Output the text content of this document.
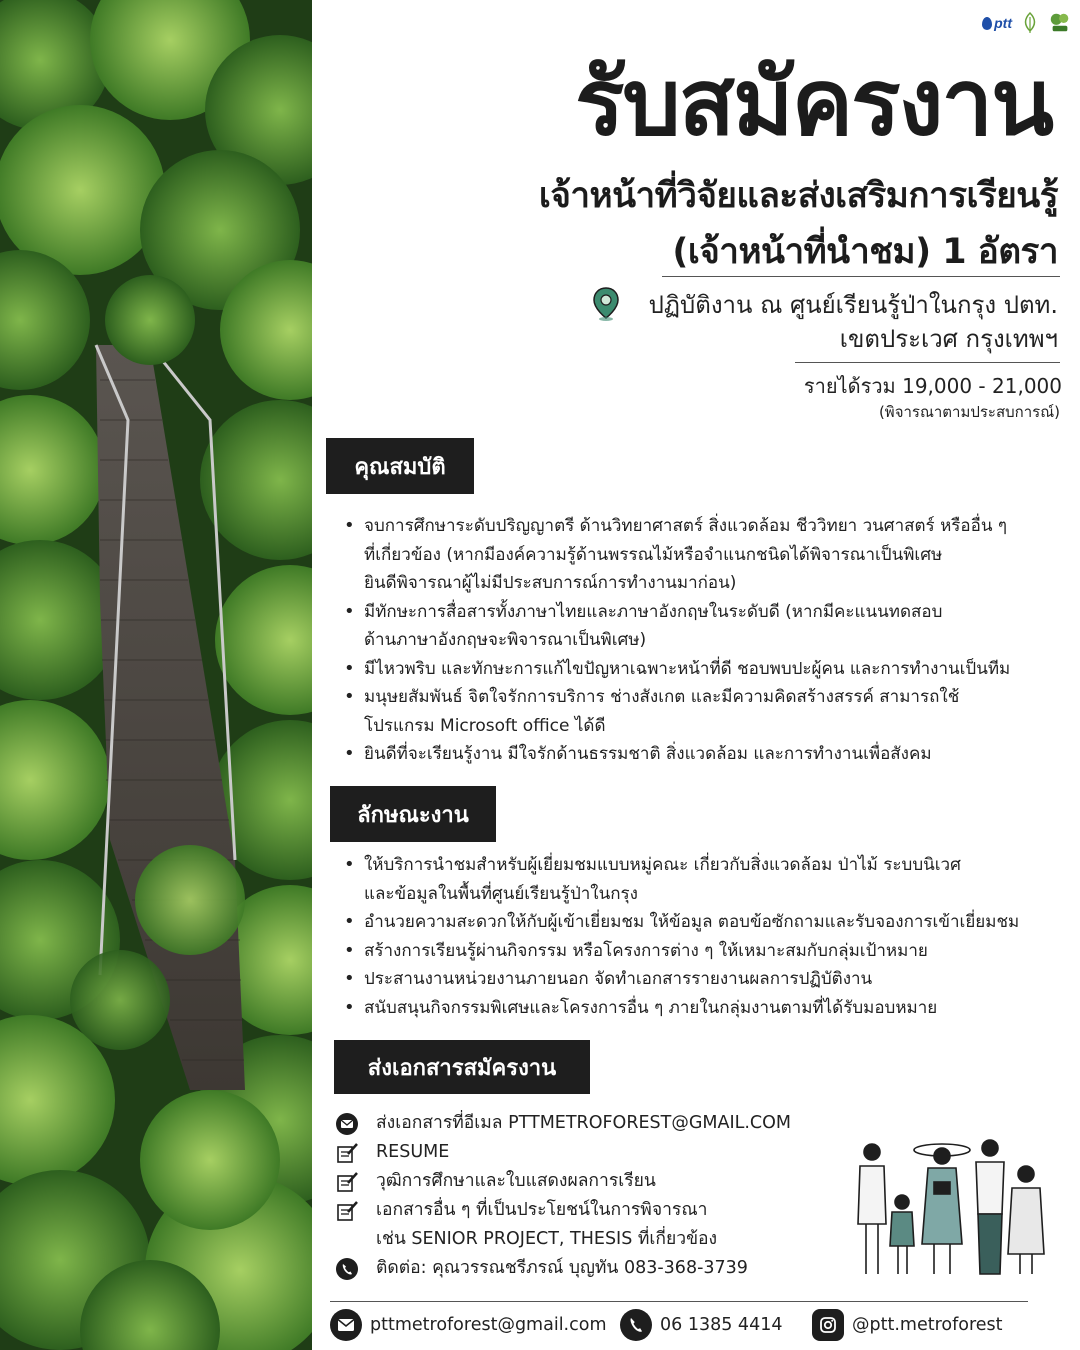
ptt
รับสมัครงาน
เจ้าหน้าที่วิจัยและส่งเสริมการเรียนรู้
(เจ้าหน้าที่นำชม) 1 อัตรา
ปฏิบัติงาน ณ ศูนย์เรียนรู้ป่าในกรุง ปตท.
เขตประเวศ กรุงเทพฯ
รายได้รวม 19,000 - 21,000
(พิจารณาตามประสบการณ์)
คุณสมบัติ
• จบการศึกษาระดับปริญญาตรี ด้านวิทยาศาสตร์ สิ่งแวดล้อม ชีววิทยา วนศาสตร์ หรืออื่น ๆ
ที่เกี่ยวข้อง (หากมีองค์ความรู้ด้านพรรณไม้หรือจำแนกชนิดได้พิจารณาเป็นพิเศษ
ยินดีพิจารณาผู้ไม่มีประสบการณ์การทำงานมาก่อน)
• มีทักษะการสื่อสารทั้งภาษาไทยและภาษาอังกฤษในระดับดี (หากมีคะแนนทดสอบ
ด้านภาษาอังกฤษจะพิจารณาเป็นพิเศษ)
• มีไหวพริบ และทักษะการแก้ไขปัญหาเฉพาะหน้าที่ดี ชอบพบปะผู้คน และการทำงานเป็นทีม
• มนุษยสัมพันธ์ จิตใจรักการบริการ ช่างสังเกต และมีความคิดสร้างสรรค์ สามารถใช้
โปรแกรม Microsoft office ได้ดี
• ยินดีที่จะเรียนรู้งาน มีใจรักด้านธรรมชาติ สิ่งแวดล้อม และการทำงานเพื่อสังคม
ลักษณะงาน
• ให้บริการนำชมสำหรับผู้เยี่ยมชมแบบหมู่คณะ เกี่ยวกับสิ่งแวดล้อม ป่าไม้ ระบบนิเวศ
และข้อมูลในพื้นที่ศูนย์เรียนรู้ป่าในกรุง
• อำนวยความสะดวกให้กับผู้เข้าเยี่ยมชม ให้ข้อมูล ตอบข้อซักถามและรับจองการเข้าเยี่ยมชม
• สร้างการเรียนรู้ผ่านกิจกรรม หรือโครงการต่าง ๆ ให้เหมาะสมกับกลุ่มเป้าหมาย
• ประสานงานหน่วยงานภายนอก จัดทำเอกสารรายงานผลการปฏิบัติงาน
• สนับสนุนกิจกรรมพิเศษและโครงการอื่น ๆ ภายในกลุ่มงานตามที่ได้รับมอบหมาย
ส่งเอกสารสมัครงาน
ส่งเอกสารที่อีเมล PTTMETROFOREST@GMAIL.COM
RESUME
วุฒิการศึกษาและใบแสดงผลการเรียน
เอกสารอื่น ๆ ที่เป็นประโยชน์ในการพิจารณา
เช่น SENIOR PROJECT, THESIS ที่เกี่ยวข้อง
ติดต่อ: คุณวรรณชรีภรณ์ บุญทัน 083-368-3739
pttmetroforest@gmail.com	06 1385 4414	@ptt.metroforest
